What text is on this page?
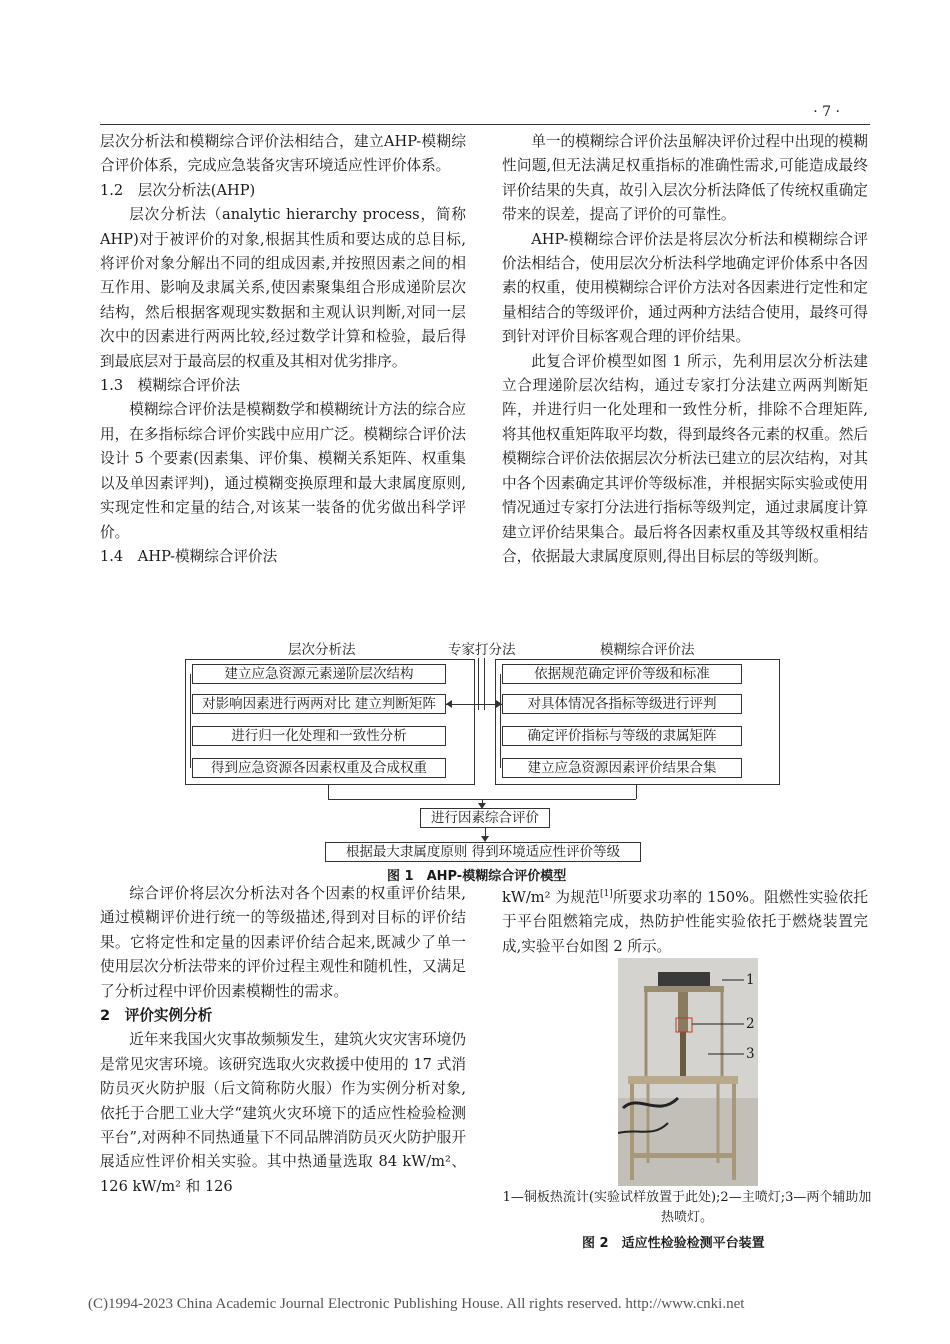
· 7 ·

层次分析法和模糊综合评价法相结合，建立AHP-模糊综合评价体系，完成应急装备灾害环境适应性评价体系。

1.2　层次分析法(AHP)

层次分析法（analytic hierarchy process，简称AHP)对于被评价的对象,根据其性质和要达成的总目标,将评价对象分解出不同的组成因素,并按照因素之间的相互作用、影响及隶属关系,使因素聚集组合形成递阶层次结构，然后根据客观现实数据和主观认识判断,对同一层次中的因素进行两两比较,经过数学计算和检验，最后得到最底层对于最高层的权重及其相对优劣排序。

1.3　模糊综合评价法

模糊综合评价法是模糊数学和模糊统计方法的综合应用，在多指标综合评价实践中应用广泛。模糊综合评价法设计 5 个要素(因素集、评价集、模糊关系矩阵、权重集以及单因素评判)，通过模糊变换原理和最大隶属度原则,实现定性和定量的结合,对该某一装备的优劣做出科学评价。

1.4　AHP-模糊综合评价法

单一的模糊综合评价法虽解决评价过程中出现的模糊性问题,但无法满足权重指标的准确性需求,可能造成最终评价结果的失真，故引入层次分析法降低了传统权重确定带来的误差，提高了评价的可靠性。

AHP-模糊综合评价法是将层次分析法和模糊综合评价法相结合，使用层次分析法科学地确定评价体系中各因素的权重，使用模糊综合评价方法对各因素进行定性和定量相结合的等级评价，通过两种方法结合使用，最终可得到针对评价目标客观合理的评价结果。

此复合评价模型如图 1 所示，先利用层次分析法建立合理递阶层次结构，通过专家打分法建立两两判断矩阵，并进行归一化处理和一致性分析，排除不合理矩阵,将其他权重矩阵取平均数，得到最终各元素的权重。然后模糊综合评价法依据层次分析法已建立的层次结构，对其中各个因素确定其评价等级标准，并根据实际实验或使用情况通过专家打分法进行指标等级判定，通过隶属度计算建立评价结果集合。最后将各因素权重及其等级权重相结合，依据最大隶属度原则,得出目标层的等级判断。

层次分析法	专家打分法	模糊综合评价法
建立应急资源元素递阶层次结构
对影响因素进行两两对比 建立判断矩阵
进行归一化处理和一致性分析
得到应急资源各因素权重及合成权重
依据规范确定评价等级和标准
对具体情况各指标等级进行评判
确定评价指标与等级的隶属矩阵
建立应急资源因素评价结果合集
进行因素综合评价
根据最大隶属度原则 得到环境适应性评价等级
图 1　AHP-模糊综合评价模型

综合评价将层次分析法对各个因素的权重评价结果,通过模糊评价进行统一的等级描述,得到对目标的评价结果。它将定性和定量的因素评价结合起来,既减少了单一使用层次分析法带来的评价过程主观性和随机性，又满足了分析过程中评价因素模糊性的需求。

2　评价实例分析

近年来我国火灾事故频频发生，建筑火灾灾害环境仍是常见灾害环境。该研究选取火灾救援中使用的 17 式消防员灭火防护服（后文简称防火服）作为实例分析对象,依托于合肥工业大学“建筑火灾环境下的适应性检验检测平台”,对两种不同热通量下不同品牌消防员灭火防护服开展适应性评价相关实验。其中热通量选取 84 kW/m²、126 kW/m² 和 126

kW/m² 为规范[1]所要求功率的 150%。阻燃性实验依托于平台阻燃箱完成，热防护性能实验依托于燃烧装置完成,实验平台如图 2 所示。

1
2
3
1—铜板热流计(实验试样放置于此处);2—主喷灯;3—两个辅助加热喷灯。
图 2　适应性检验检测平台装置
(C)1994-2023 China Academic Journal Electronic Publishing House. All rights reserved. http://www.cnki.net
